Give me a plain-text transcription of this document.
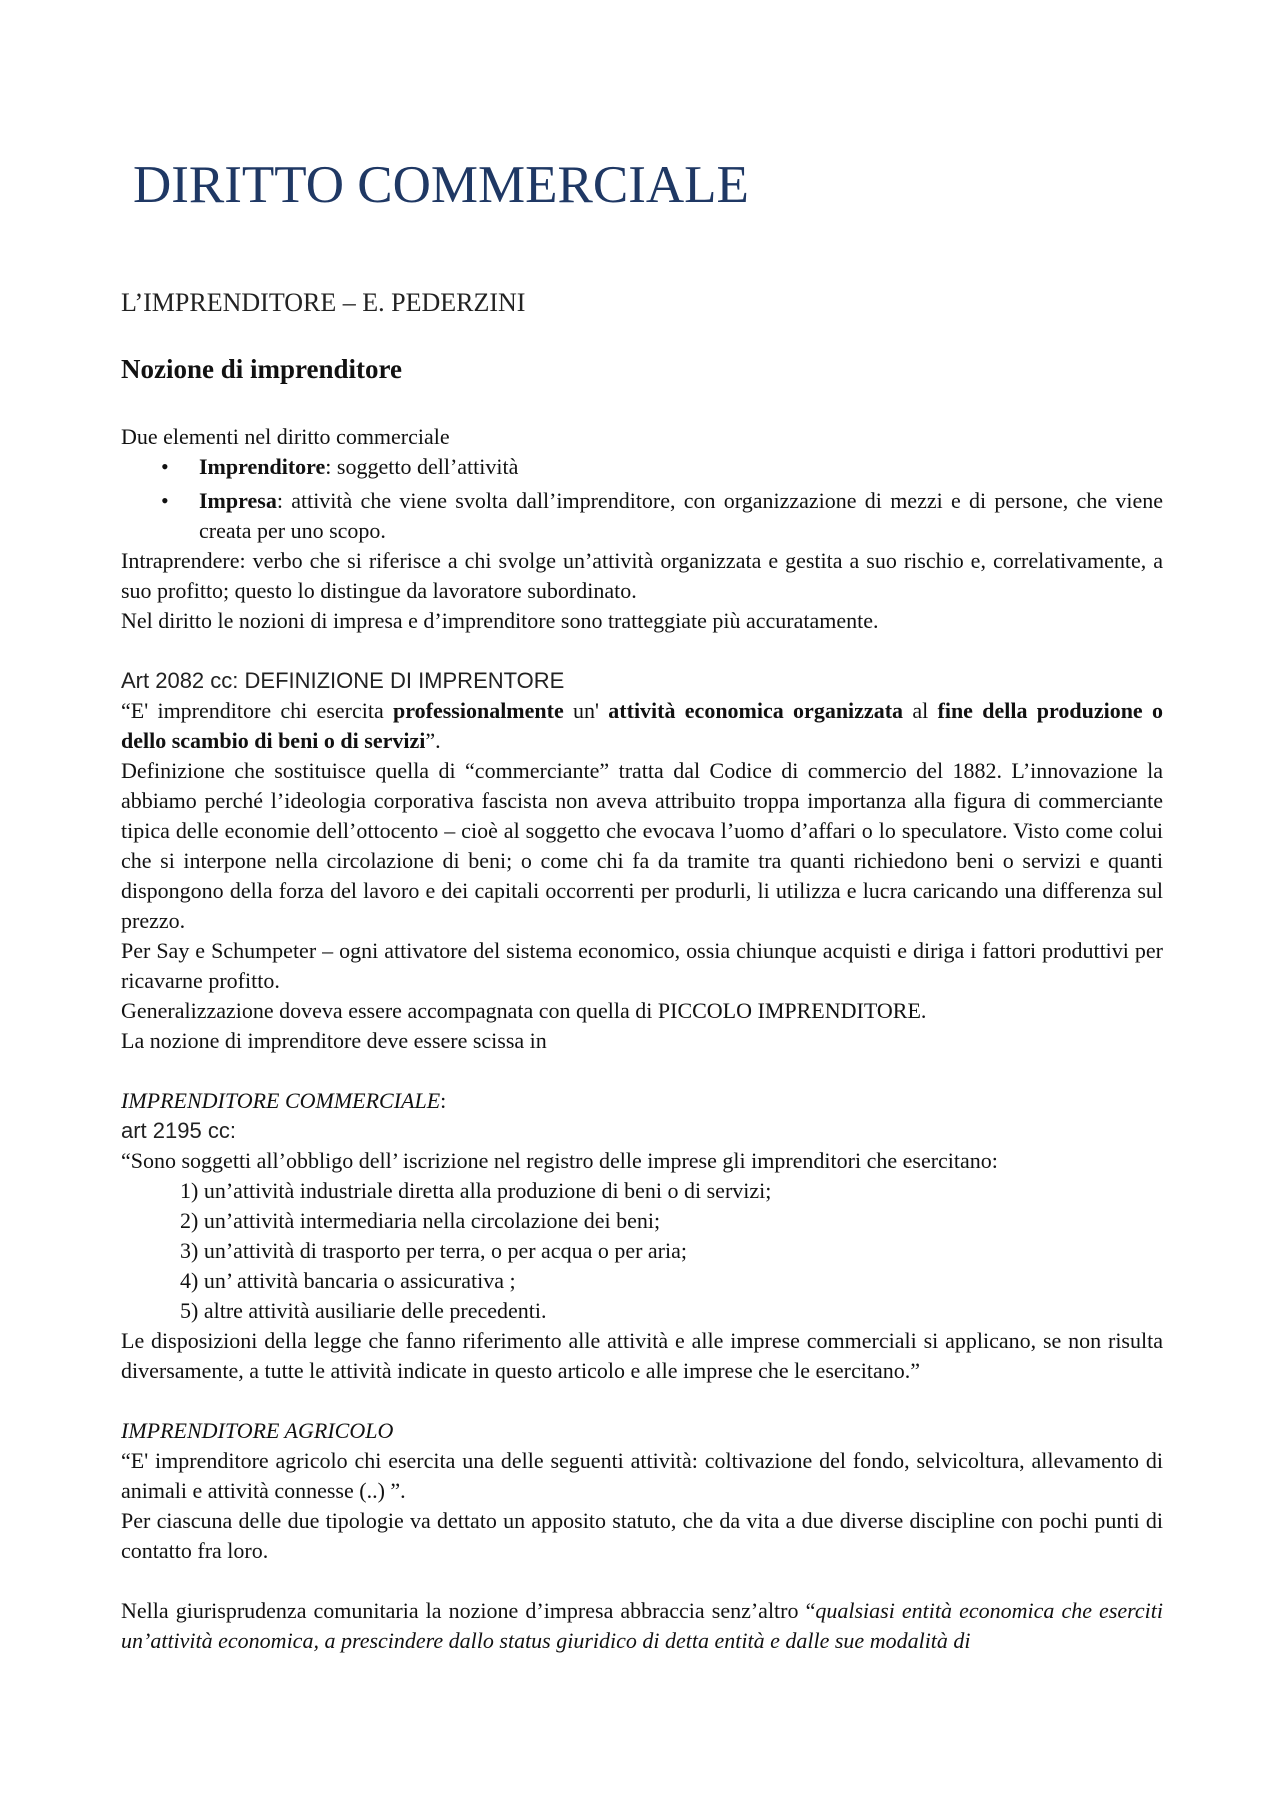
DIRITTO COMMERCIALE
L’IMPRENDITORE – E. PEDERZINI
Nozione di imprenditore

Due elementi nel diritto commerciale

• Imprenditore: soggetto dell’attività
• Impresa: attività che viene svolta dall’imprenditore, con organizzazione di mezzi e di persone, che viene creata per uno scopo.

Intraprendere: verbo che si riferisce a chi svolge un’attività organizzata e gestita a suo rischio e, correlativamente, a suo profitto; questo lo distingue da lavoratore subordinato.

Nel diritto le nozioni di impresa e d’imprenditore sono tratteggiate più accuratamente.

Art 2082 cc: DEFINIZIONE DI IMPRENTORE

“E' imprenditore chi esercita professionalmente un' attività economica organizzata al fine della produzione o dello scambio di beni o di servizi”.

Definizione che sostituisce quella di “commerciante” tratta dal Codice di commercio del 1882. L’innovazione la abbiamo perché l’ideologia corporativa fascista non aveva attribuito troppa importanza alla figura di commerciante tipica delle economie dell’ottocento – cioè al soggetto che evocava l’uomo d’affari o lo speculatore. Visto come colui che si interpone nella circolazione di beni; o come chi fa da tramite tra quanti richiedono beni o servizi e quanti dispongono della forza del lavoro e dei capitali occorrenti per produrli, li utilizza e lucra caricando una differenza sul prezzo.

Per Say e Schumpeter – ogni attivatore del sistema economico, ossia chiunque acquisti e diriga i fattori produttivi per ricavarne profitto.

Generalizzazione doveva essere accompagnata con quella di PICCOLO IMPRENDITORE.

La nozione di imprenditore deve essere scissa in

IMPRENDITORE COMMERCIALE:

art 2195 cc:

“Sono soggetti all’obbligo dell’ iscrizione nel registro delle imprese gli imprenditori che esercitano:

1) un’attività industriale diretta alla produzione di beni o di servizi;
2) un’attività intermediaria nella circolazione dei beni;
3) un’attività di trasporto per terra, o per acqua o per aria;
4) un’ attività bancaria o assicurativa ;
5) altre attività ausiliarie delle precedenti.

Le disposizioni della legge che fanno riferimento alle attività e alle imprese commerciali si applicano, se non risulta diversamente, a tutte le attività indicate in questo articolo e alle imprese che le esercitano.”

IMPRENDITORE AGRICOLO

“E' imprenditore agricolo chi esercita una delle seguenti attività: coltivazione del fondo, selvicoltura, allevamento di animali e attività connesse (..) ”.

Per ciascuna delle due tipologie va dettato un apposito statuto, che da vita a due diverse discipline con pochi punti di contatto fra loro.

Nella giurisprudenza comunitaria la nozione d’impresa abbraccia senz’altro “qualsiasi entità economica che eserciti un’attività economica, a prescindere dallo status giuridico di detta entità e dalle sue modalità di
